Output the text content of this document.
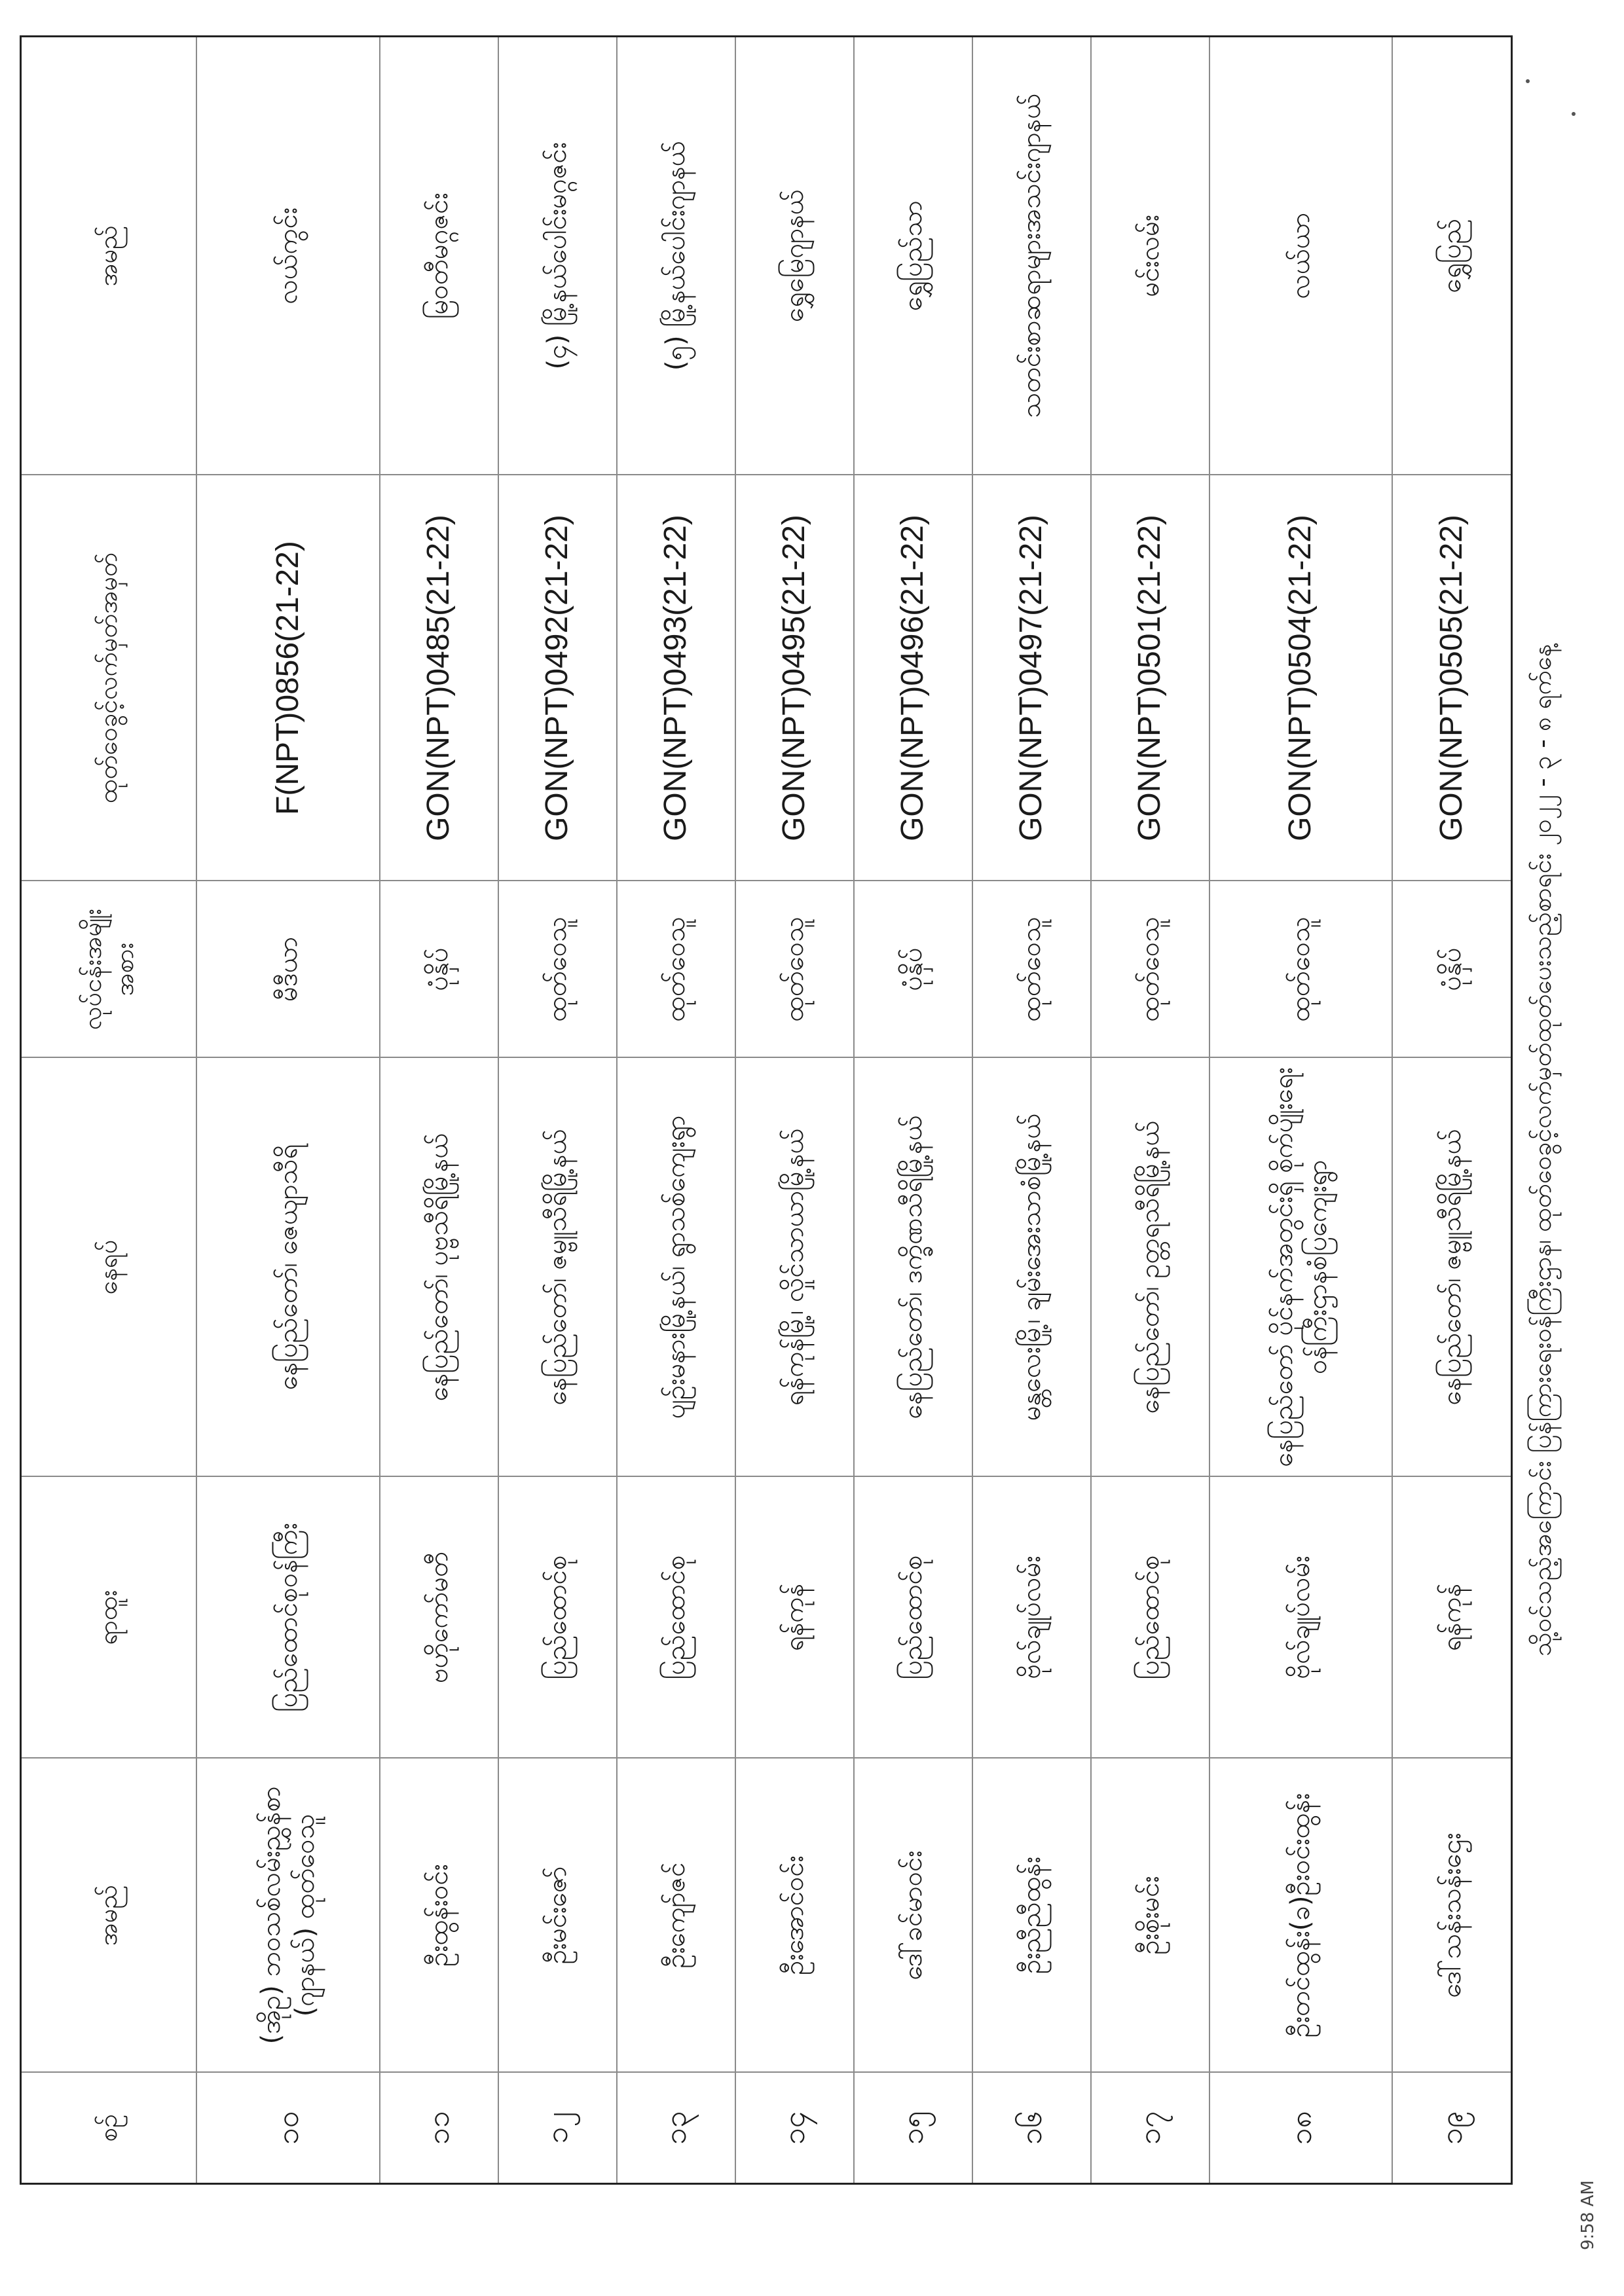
စဉ်	အမည်	ရာထူး	နေရပ်	လုပ်ငန်းအမျိုး အစား	ထုတ်ဝေခွင့်လက်မှတ်အမှတ်	အမည်
၁၀	(အိုဥ) ဘဝသစ်လမ်းညွှန်စာ (ဂျာနယ်) ထုတ်ဝေသူ	ပြည်ထောင်စုဝန်ကြီး	နေပြည်တော်၊ ဇေယျာသီရိ	မီဒီယာ	F(NPT)0856(21-22)	လယ်ကွင်း
၁၁	ဦးထွန်းဝင်း	ဗဟိုကော်မတီ	နေပြည်တော်၊ ပုဗ္ဗသီရိမြို့နယ်	ပုံနှိပ်	GON(NPT)0485(21-22)	မြဝတီမဂ္ဂဇင်း
၁၂	ဦးမင်းဇော်	ပြည်ထောင်စု	နေပြည်တော်၊ ဇမ္ဗူသီရိမြို့နယ်	ထုတ်ဝေသူ	GON(NPT)0492(21-22)	(၄) မြို့နယ်ပေါင်းမဂ္ဂဇင်း
၁၃	ဦးကျော်ဇင်	ပြည်ထောင်စု	ပျဉ်းမနားမြို့နယ်၊ ရွာသစ်ကျေးရွာ	ထုတ်ဝေသူ	GON(NPT)0493(21-22)	(၅) မြို့နယ်ပေါင်းဂျာနယ်
၁၄	ဦးအောင်ဝင်း	ရန်ကုန်	ရန်ကုန်မြို့၊ လှိုင်သာယာမြို့နယ်	ထုတ်ဝေသူ	GON(NPT)0495(21-22)	ရွှေမြေဂျာနယ်
၁၅	ဒေါ်ခင်မာဝင်း	ပြည်ထောင်စု	နေပြည်တော်၊ ဒက္ခိဏသီရိမြို့နယ်	ပုံနှိပ်	GON(NPT)0496(21-22)	ရွှေပြည်သာ
၁၆	ဦးညီညီထွန်း	ဗိုလ်ချုပ်လမ်း	မန္တလေးမြို့၊ ချမ်းအေးသာစံမြို့နယ်	ထုတ်ဝေသူ	GON(NPT)0497(21-22)	သတင်းစာဆရာများအသင်းဂျာနယ်
၁၇	ဦးစိုးမင်း	ပြည်ထောင်စု	နေပြည်တော်၊ ဥတ္တရသီရိမြို့နယ်	ထုတ်ဝေသူ	GON(NPT)0501(21-22)	မင်းလမ်း
၁၈	ဦးတင်ထွန်း(ခ)ဦးဝင်းထွန်း	ဗိုလ်ချုပ်လမ်း	နေပြည်တော် ပိုင်နက်အတွင်းရှိ စိုက်ပျိုးရေးဝန်ကြီးဌာနစံပြကျေးရွာ	ထုတ်ဝေသူ	GON(NPT)0504(21-22)	လယ်ယာ
၁၉	ဒေါ်သန်းသန်းဌေး	ရန်ကုန်	နေပြည်တော်၊ ဇမ္ဗူသီရိမြို့နယ်	ပုံနှိပ်	GON(NPT)0505(21-22)	ရွှေပြည်
သို့ဝင်သည့်အကြောင်း ပြန်ကြားရေးဝန်ကြီးဌာန၊ ထုတ်ဝေခွင့်လက်မှတ်ထုတ်ပေးသည့်စာရင်း ၂၀၂၂ - ၃ - ၈ ရက်နေ့
9:58 AM
